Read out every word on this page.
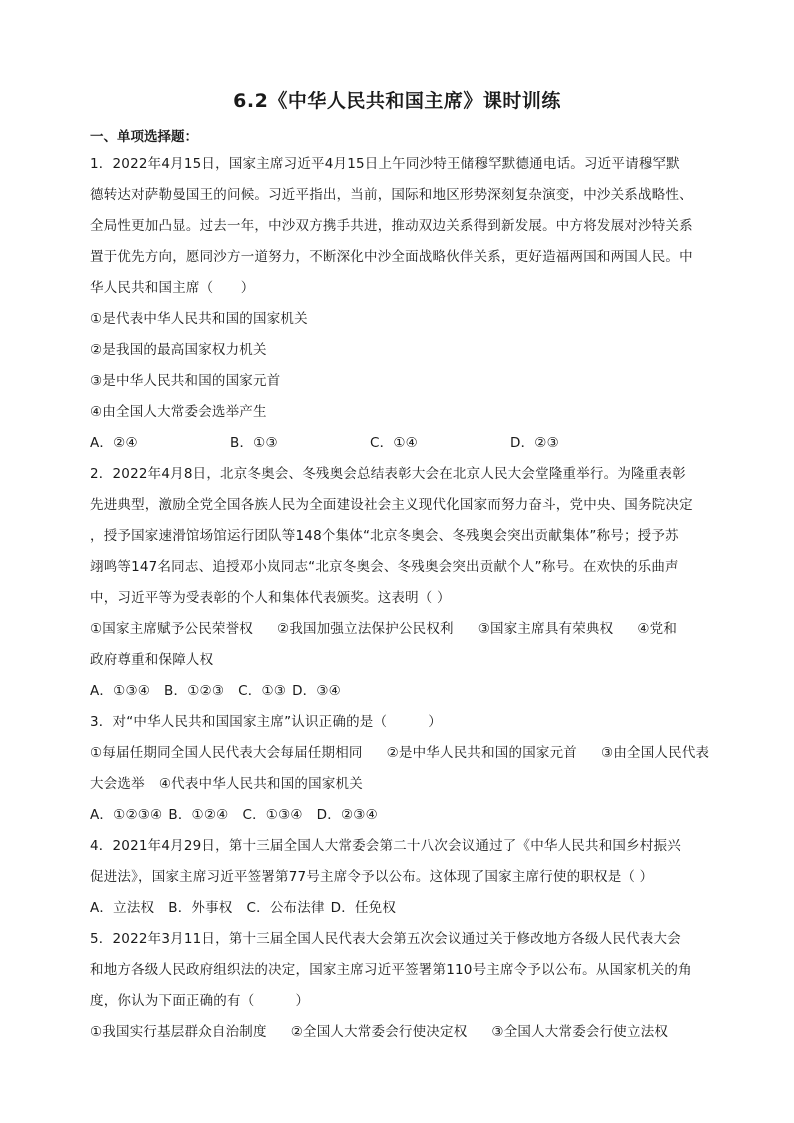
6.2《中华人民共和国主席》课时训练
一、单项选择题：
1．2022年4月15日，国家主席习近平4月15日上午同沙特王储穆罕默德通电话。习近平请穆罕默
德转达对萨勒曼国王的问候。习近平指出，当前，国际和地区形势深刻复杂演变，中沙关系战略性、
全局性更加凸显。过去一年，中沙双方携手共进，推动双边关系得到新发展。中方将发展对沙特关系
置于优先方向，愿同沙方一道努力，不断深化中沙全面战略伙伴关系，更好造福两国和两国人民。中
华人民共和国主席（　　）
①是代表中华人民共和国的国家机关
②是我国的最高国家权力机关
③是中华人民共和国的国家元首
④由全国人大常委会选举产生
A．②④	B．①③	C．①④	D．②③
2．2022年4月8日，北京冬奥会、冬残奥会总结表彰大会在北京人民大会堂隆重举行。为隆重表彰
先进典型，激励全党全国各族人民为全面建设社会主义现代化国家而努力奋斗，党中央、国务院决定
，授予国家速滑馆场馆运行团队等148个集体“北京冬奥会、冬残奥会突出贡献集体”称号；授予苏
翊鸣等147名同志、追授邓小岚同志“北京冬奥会、冬残奥会突出贡献个人”称号。在欢快的乐曲声
中，习近平等为受表彰的个人和集体代表颁奖。这表明（ ）
①国家主席赋予公民荣誉权 ②我国加强立法保护公民权利 ③国家主席具有荣典权 ④党和
政府尊重和保障人权
A．①③④ B．①②③ C．①③ D．③④
3．对“中华人民共和国国家主席”认识正确的是（　　　）
①每届任期同全国人民代表大会每届任期相同 ②是中华人民共和国的国家元首 ③由全国人民代表
大会选举 ④代表中华人民共和国的国家机关
A．①②③④ B．①②④ C．①③④ D．②③④
4．2021年4月29日，第十三届全国人大常委会第二十八次会议通过了《中华人民共和国乡村振兴
促进法》，国家主席习近平签署第77号主席令予以公布。这体现了国家主席行使的职权是（ ）
A．立法权 B．外事权 C．公布法律 D．任免权
5．2022年3月11日，第十三届全国人民代表大会第五次会议通过关于修改地方各级人民代表大会
和地方各级人民政府组织法的决定，国家主席习近平签署第110号主席令予以公布。从国家机关的角
度，你认为下面正确的有（　　　）
①我国实行基层群众自治制度 ②全国人大常委会行使决定权 ③全国人大常委会行使立法权
